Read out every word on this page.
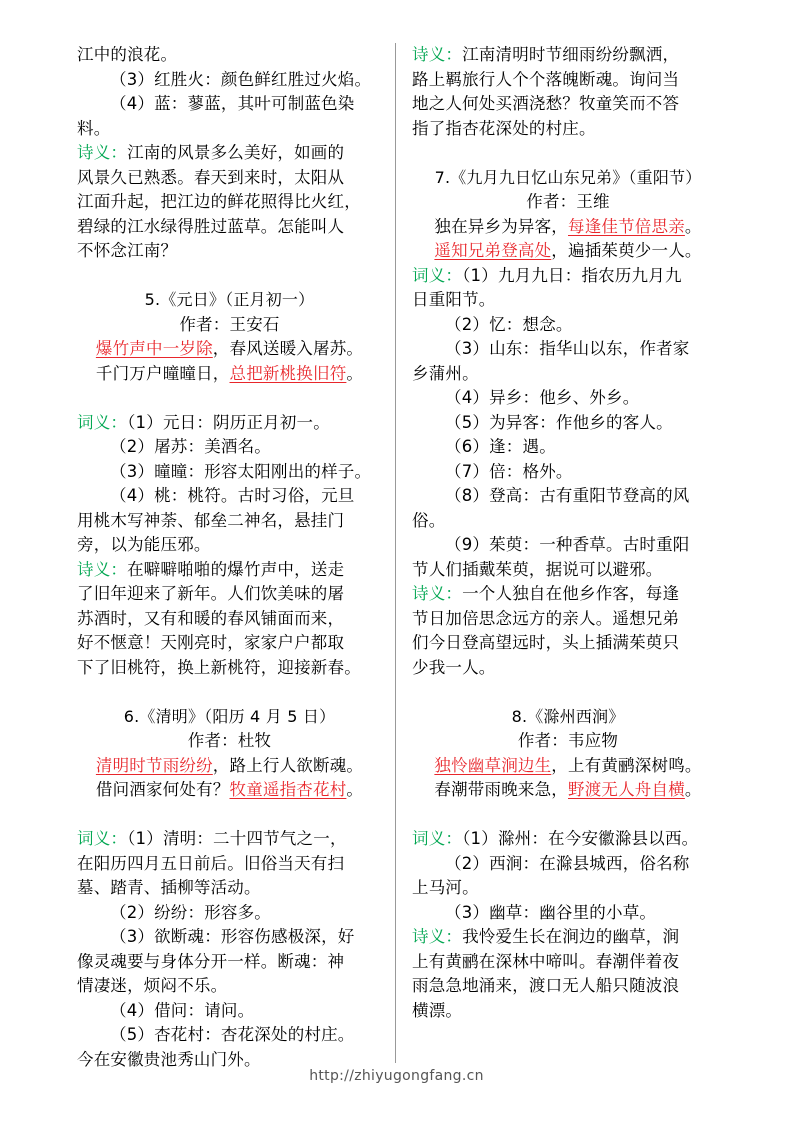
江中的浪花。
（3）红胜火：颜色鲜红胜过火焰。
（4）蓝：蓼蓝，其叶可制蓝色染
料。
诗义：江南的风景多么美好，如画的
风景久已熟悉。春天到来时，太阳从
江面升起，把江边的鲜花照得比火红，
碧绿的江水绿得胜过蓝草。怎能叫人
不怀念江南？
5.《元日》（正月初一）
作者：王安石
爆竹声中一岁除，春风送暖入屠苏。
千门万户曈曈日，总把新桃换旧符。
词义：（1）元日：阴历正月初一。
（2）屠苏：美酒名。
（3）曈曈：形容太阳刚出的样子。
（4）桃：桃符。古时习俗，元旦
用桃木写神荼、郁垒二神名，悬挂门
旁，以为能压邪。
诗义：在噼噼啪啪的爆竹声中，送走
了旧年迎来了新年。人们饮美味的屠
苏酒时，又有和暖的春风铺面而来，
好不惬意！天刚亮时，家家户户都取
下了旧桃符，换上新桃符，迎接新春。
6.《清明》（阳历 4 月 5 日）
作者：杜牧
清明时节雨纷纷，路上行人欲断魂。
借问酒家何处有？牧童遥指杏花村。
词义：（1）清明：二十四节气之一，
在阳历四月五日前后。旧俗当天有扫
墓、踏青、插柳等活动。
（2）纷纷：形容多。
（3）欲断魂：形容伤感极深，好
像灵魂要与身体分开一样。断魂：神
情凄迷，烦闷不乐。
（4）借问：请问。
（5）杏花村：杏花深处的村庄。
今在安徽贵池秀山门外。
诗义：江南清明时节细雨纷纷飘洒，
路上羁旅行人个个落魄断魂。询问当
地之人何处买酒浇愁？牧童笑而不答
指了指杏花深处的村庄。
7.《九月九日忆山东兄弟》（重阳节）
作者：王维
独在异乡为异客，每逢佳节倍思亲。
遥知兄弟登高处，遍插茱萸少一人。
词义：（1）九月九日：指农历九月九
日重阳节。
（2）忆：想念。
（3）山东：指华山以东，作者家
乡蒲州。
（4）异乡：他乡、外乡。
（5）为异客：作他乡的客人。
（6）逢：遇。
（7）倍：格外。
（8）登高：古有重阳节登高的风
俗。
（9）茱萸：一种香草。古时重阳
节人们插戴茱萸，据说可以避邪。
诗义：一个人独自在他乡作客，每逢
节日加倍思念远方的亲人。遥想兄弟
们今日登高望远时，头上插满茱萸只
少我一人。
8.《滁州西涧》
作者：韦应物
独怜幽草涧边生，上有黄鹂深树鸣。
春潮带雨晚来急，野渡无人舟自横。
词义：（1）滁州：在今安徽滁县以西。
（2）西涧：在滁县城西，俗名称
上马河。
（3）幽草：幽谷里的小草。
诗义：我怜爱生长在涧边的幽草，涧
上有黄鹂在深林中啼叫。春潮伴着夜
雨急急地涌来，渡口无人船只随波浪
横漂。
http://zhiyugongfang.cn
